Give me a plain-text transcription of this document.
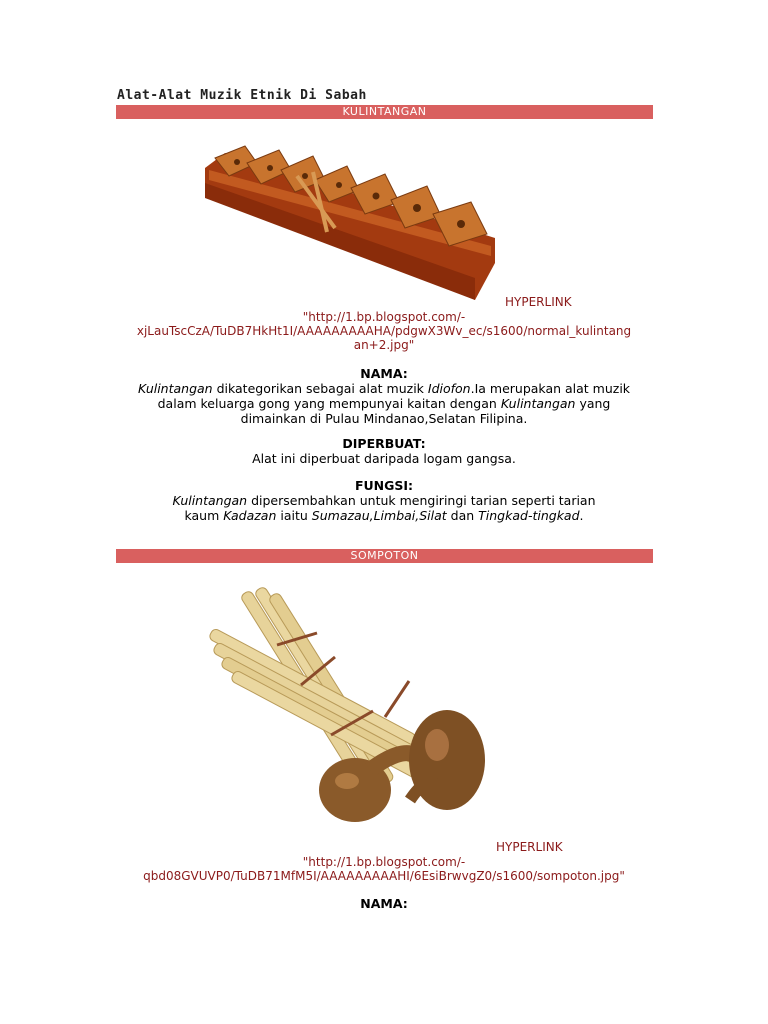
Alat-Alat Muzik Etnik Di Sabah
KULINTANGAN
HYPERLINK
"http://1.bp.blogspot.com/-
xjLauTscCzA/TuDB7HkHt1I/AAAAAAAAAHA/pdgwX3Wv_ec/s1600/normal_kulintang
an+2.jpg"
NAMA:
Kulintangan dikategorikan sebagai alat muzik Idiofon.Ia merupakan alat muzik
dalam keluarga gong yang mempunyai kaitan dengan Kulintangan yang
dimainkan di Pulau Mindanao,Selatan Filipina.
DIPERBUAT:
Alat ini diperbuat daripada logam gangsa.
FUNGSI:
Kulintangan dipersembahkan untuk mengiringi tarian seperti tarian
kaum Kadazan iaitu Sumazau,Limbai,Silat dan Tingkad-tingkad.
SOMPOTON
HYPERLINK
"http://1.bp.blogspot.com/-
qbd08GVUVP0/TuDB71MfM5I/AAAAAAAAAHI/6EsiBrwvgZ0/s1600/sompoton.jpg"
NAMA:
